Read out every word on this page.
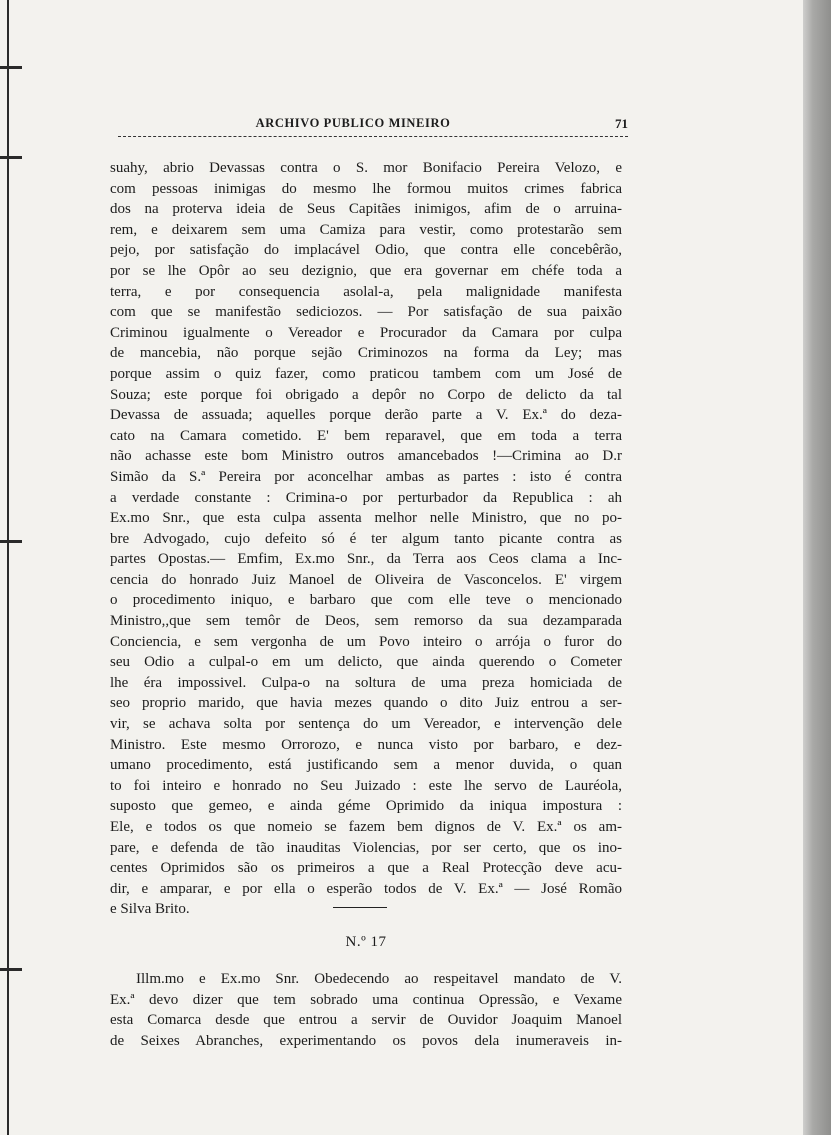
ARCHIVO PUBLICO MINEIRO	71
suahy, abrio Devassas contra o S. mor Bonifacio Pereira Velozo, e
com pessoas inimigas do mesmo lhe formou muitos crimes fabrica
dos na proterva ideia de Seus Capitães inimigos, afim de o arruina-
rem, e deixarem sem uma Camiza para vestir, como protestarão sem
pejo, por satisfação do implacável Odio, que contra elle concebêrão,
por se lhe Opôr ao seu dezignio, que era governar em chéfe toda a
terra, e por consequencia asolal-a, pela malignidade manifesta
com que se manifestão sediciozos. — Por satisfação de sua paixão
Criminou igualmente o Vereador e Procurador da Camara por culpa
de mancebia, não porque sejão Criminozos na forma da Ley; mas
porque assim o quiz fazer, como praticou tambem com um José de
Souza; este porque foi obrigado a depôr no Corpo de delicto da tal
Devassa de assuada; aquelles porque derão parte a V. Ex.ª do deza-
cato na Camara cometido. E' bem reparavel, que em toda a terra
não achasse este bom Ministro outros amancebados !—Crimina ao D.r
Simão da S.ª Pereira por aconcelhar ambas as partes : isto é contra
a verdade constante : Crimina-o por perturbador da Republica : ah
Ex.mo Snr., que esta culpa assenta melhor nelle Ministro, que no po-
bre Advogado, cujo defeito só é ter algum tanto picante contra as
partes Opostas.— Emfim, Ex.mo Snr., da Terra aos Ceos clama a Inc-
cencia do honrado Juiz Manoel de Oliveira de Vasconcelos. E' virgem
o procedimento iniquo, e barbaro que com elle teve o mencionado
Ministro,,que sem temôr de Deos, sem remorso da sua dezamparada
Conciencia, e sem vergonha de um Povo inteiro o arrója o furor do
seu Odio a culpal-o em um delicto, que ainda querendo o Cometer
lhe éra impossivel. Culpa-o na soltura de uma preza homiciada de
seo proprio marido, que havia mezes quando o dito Juiz entrou a ser-
vir, se achava solta por sentença do um Vereador, e intervenção dele
Ministro. Este mesmo Orrorozo, e nunca visto por barbaro, e dez-
umano procedimento, está justificando sem a menor duvida, o quan
to foi inteiro e honrado no Seu Juizado : este lhe servo de Lauréola,
suposto que gemeo, e ainda géme Oprimido da iniqua impostura :
Ele, e todos os que nomeio se fazem bem dignos de V. Ex.ª os am-
pare, e defenda de tão inauditas Violencias, por ser certo, que os ino-
centes Oprimidos são os primeiros a que a Real Protecção deve acu-
dir, e amparar, e por ella o esperão todos de V. Ex.ª — José Romão
e Silva Brito.
N.º 17
Illm.mo e Ex.mo Snr. Obedecendo ao respeitavel mandato de V.
Ex.ª devo dizer que tem sobrado uma continua Opressão, e Vexame
esta Comarca desde que entrou a servir de Ouvidor Joaquim Manoel
de Seixes Abranches, experimentando os povos dela inumeraveis in-
